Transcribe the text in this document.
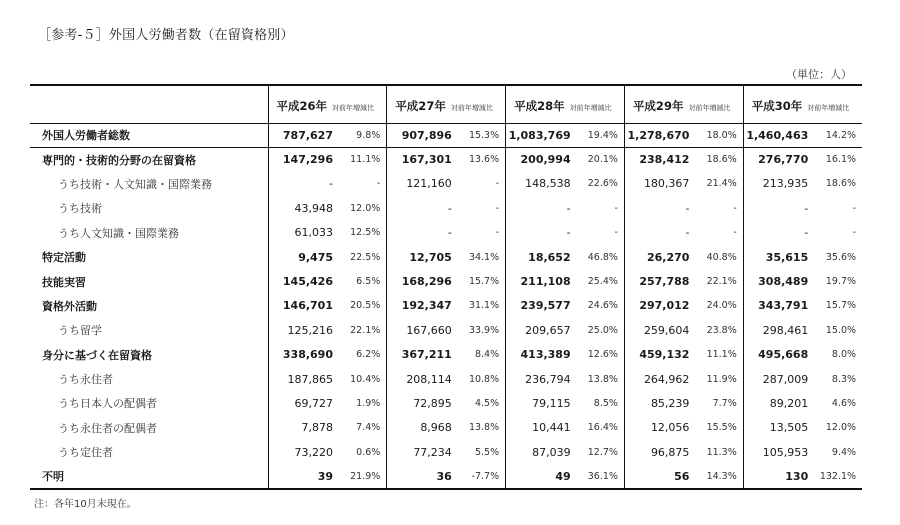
［参考-５］外国人労働者数（在留資格別）
（単位：人）
	平成26年 対前年増減比		平成27年 対前年増減比		平成28年 対前年増減比		平成29年 対前年増減比		平成30年 対前年増減比	
外国人労働者総数	787,627	9.8%	907,896	15.3%	1,083,769	19.4%	1,278,670	18.0%	1,460,463	14.2%
専門的・技術的分野の在留資格	147,296	11.1%	167,301	13.6%	200,994	20.1%	238,412	18.6%	276,770	16.1%
うち技術・人文知識・国際業務	-	-	121,160	-	148,538	22.6%	180,367	21.4%	213,935	18.6%
うち技術	43,948	12.0%	-	-	-	-	-	-	-	-
うち人文知識・国際業務	61,033	12.5%	-	-	-	-	-	-	-	-
特定活動	9,475	22.5%	12,705	34.1%	18,652	46.8%	26,270	40.8%	35,615	35.6%
技能実習	145,426	6.5%	168,296	15.7%	211,108	25.4%	257,788	22.1%	308,489	19.7%
資格外活動	146,701	20.5%	192,347	31.1%	239,577	24.6%	297,012	24.0%	343,791	15.7%
うち留学	125,216	22.1%	167,660	33.9%	209,657	25.0%	259,604	23.8%	298,461	15.0%
身分に基づく在留資格	338,690	6.2%	367,211	8.4%	413,389	12.6%	459,132	11.1%	495,668	8.0%
うち永住者	187,865	10.4%	208,114	10.8%	236,794	13.8%	264,962	11.9%	287,009	8.3%
うち日本人の配偶者	69,727	1.9%	72,895	4.5%	79,115	8.5%	85,239	7.7%	89,201	4.6%
うち永住者の配偶者	7,878	7.4%	8,968	13.8%	10,441	16.4%	12,056	15.5%	13,505	12.0%
うち定住者	73,220	0.6%	77,234	5.5%	87,039	12.7%	96,875	11.3%	105,953	9.4%
不明	39	21.9%	36	-7.7%	49	36.1%	56	14.3%	130	132.1%
注：各年10月末現在。
